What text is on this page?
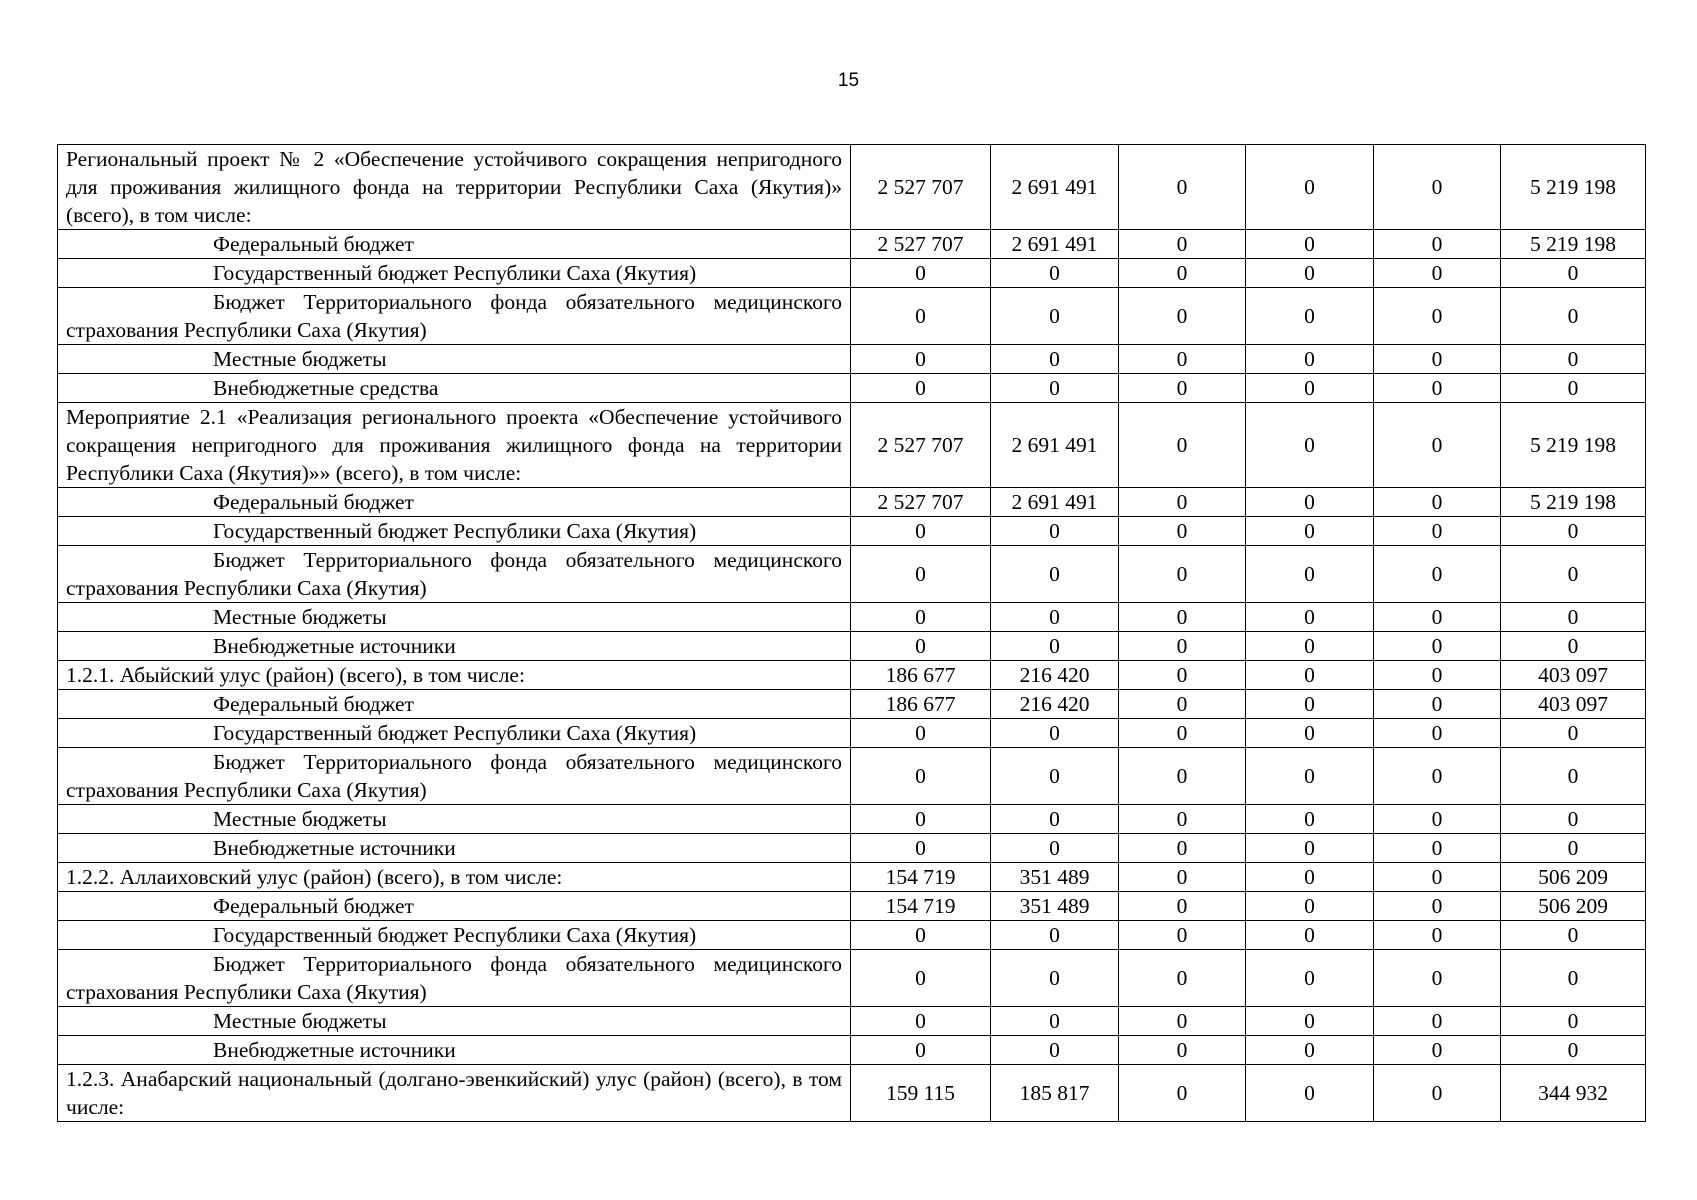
15
Региональный проект № 2 «Обеспечение устойчивого сокращения непригодного для проживания жилищного фонда на территории Республики Саха (Якутия)» (всего), в том числе:	2 527 707	2 691 491	0	0	0	5 219 198
Федеральный бюджет	2 527 707	2 691 491	0	0	0	5 219 198
Государственный бюджет Республики Саха (Якутия)	0	0	0	0	0	0
Бюджет Территориального фонда обязательного медицинского страхования Республики Саха (Якутия)	0	0	0	0	0	0
Местные бюджеты	0	0	0	0	0	0
Внебюджетные средства	0	0	0	0	0	0
Мероприятие 2.1 «Реализация регионального проекта «Обеспечение устойчивого сокращения непригодного для проживания жилищного фонда на территории Республики Саха (Якутия)»» (всего), в том числе:	2 527 707	2 691 491	0	0	0	5 219 198
Федеральный бюджет	2 527 707	2 691 491	0	0	0	5 219 198
Государственный бюджет Республики Саха (Якутия)	0	0	0	0	0	0
Бюджет Территориального фонда обязательного медицинского страхования Республики Саха (Якутия)	0	0	0	0	0	0
Местные бюджеты	0	0	0	0	0	0
Внебюджетные источники	0	0	0	0	0	0
1.2.1. Абыйский улус (район) (всего), в том числе:	186 677	216 420	0	0	0	403 097
Федеральный бюджет	186 677	216 420	0	0	0	403 097
Государственный бюджет Республики Саха (Якутия)	0	0	0	0	0	0
Бюджет Территориального фонда обязательного медицинского страхования Республики Саха (Якутия)	0	0	0	0	0	0
Местные бюджеты	0	0	0	0	0	0
Внебюджетные источники	0	0	0	0	0	0
1.2.2. Аллаиховский улус (район) (всего), в том числе:	154 719	351 489	0	0	0	506 209
Федеральный бюджет	154 719	351 489	0	0	0	506 209
Государственный бюджет Республики Саха (Якутия)	0	0	0	0	0	0
Бюджет Территориального фонда обязательного медицинского страхования Республики Саха (Якутия)	0	0	0	0	0	0
Местные бюджеты	0	0	0	0	0	0
Внебюджетные источники	0	0	0	0	0	0
1.2.3. Анабарский национальный (долгано-эвенкийский) улус (район) (всего), в том числе:	159 115	185 817	0	0	0	344 932
